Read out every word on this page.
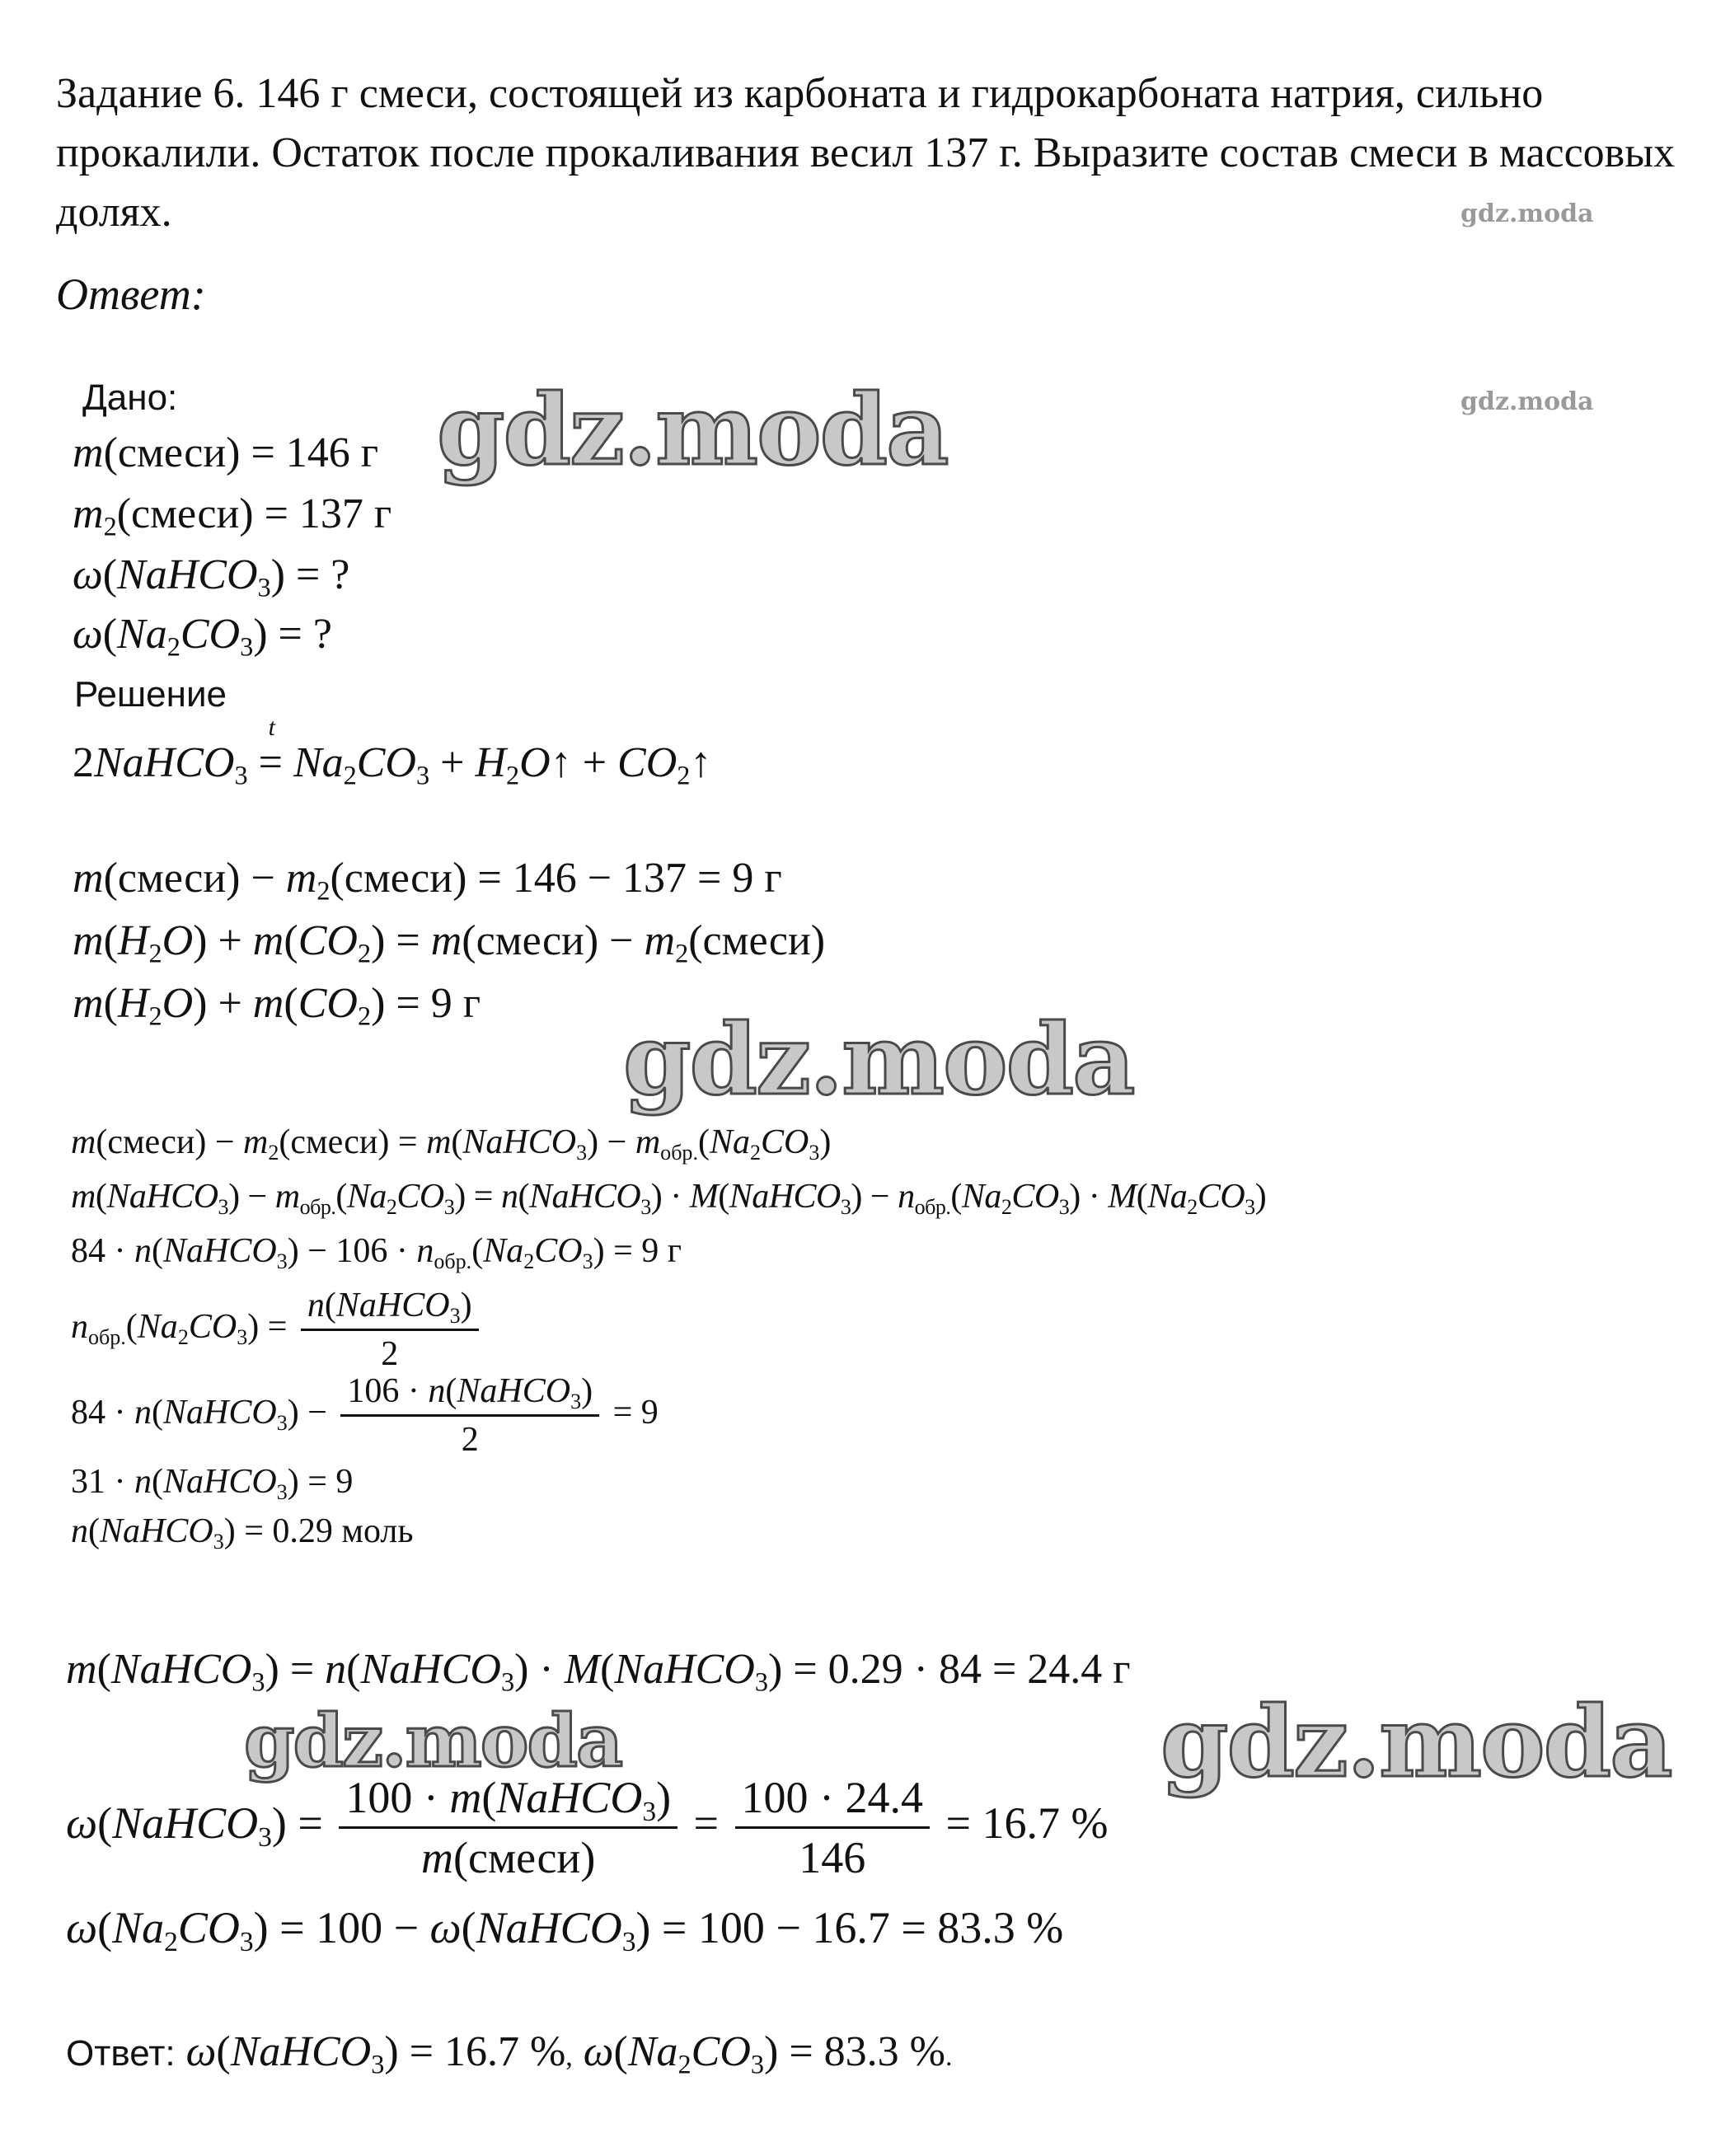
Задание 6. 146 г смеси, состоящей из карбоната и гидрокарбоната натрия, сильно прокалили. Остаток после прокаливания весил 137 г. Выразите состав смеси в массовых долях.
Ответ:
gdz.moda
gdz.moda
Дано:
m(смеси) = 146 г
$m_2(смеси) = 137$ г
ω(NaHCO$_3$) = ?
$\omega(Na_2CO_3)$ = ?
Решение
2NaHCO$_3$ =
t
$Na_2CO_3$ + $H_2O↑$ + $CO_2↑$
m(смеси) − $m_2(смеси) = 146 - 137 = 9$ г
$m(H_2O) + m(CO_2)$ = m(смеси) − $m_2(смеси)$
$m(H_2O) + m(CO_2) = 9$ г
m(смеси) − $m_2(смеси)$ = m(NaHCO$_3$) − $m_{обр.}(Na_2CO_3)$
m(NaHCO$_3$) − $m_{обр.}(Na_2CO_3)$ = n(NaHCO$_3$) · M(NaHCO$_3$) − $n_{обр.}(Na_2CO_3) \cdot M(Na_2CO_3)$
84 · n(NaHCO$_3$) − $106 \cdot n_{обр.}(Na_2CO_3) = 9$ г
$n_{обр.}(Na_2CO_3) = \frac{n(NaHCO_3)}{2}$
84 · n(NaHCO$_3$) − $\frac{106 \cdot n(NaHCO_3)}{2} = 9$
31 · n(NaHCO$_3$) = 9
n(NaHCO$_3$) = 0.29 моль
m(NaHCO$_3$) = n(NaHCO$_3$) · M(NaHCO$_3$) = 0.29 · 84 = 24.4 г
ω(NaHCO$_3$) = $\frac{100 \cdot m(NaHCO_3)}{\text{m(смеси)}} = \frac{100 \cdot 24.4}{146} = 16.7$ %
$\omega(Na_2CO_3) = 100$ − ω(NaHCO$_3$) = 100 − 16.7 = 83.3 %
Ответ: ω(NaHCO$_3$) = 16.7 %, $\omega(Na_2CO_3) = 83.3$ %.
gdz.moda
gdz.moda
gdz.moda	gdz.moda
